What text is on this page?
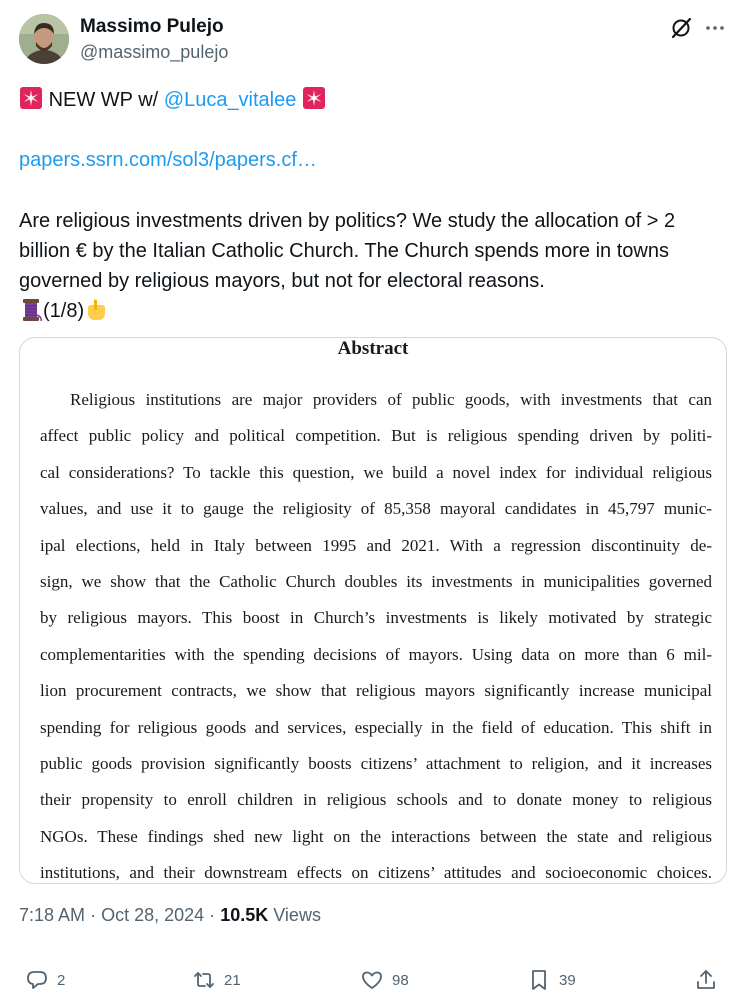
Massimo Pulejo
@massimo_pulejo
NEW WP w/ @Luca_vitalee
papers.ssrn.com/sol3/papers.cf…
Are religious investments driven by politics? We study the allocation of > 2
billion € by the Italian Catholic Church. The Church spends more in towns
governed by religious mayors, but not for electoral reasons.
(1/8)
Abstract
Religious institutions are major providers of public goods, with investments that can
affect public policy and political competition. But is religious spending driven by politi-
cal considerations? To tackle this question, we build a novel index for individual religious
values, and use it to gauge the religiosity of 85,358 mayoral candidates in 45,797 munic-
ipal elections, held in Italy between 1995 and 2021. With a regression discontinuity de-
sign, we show that the Catholic Church doubles its investments in municipalities governed
by religious mayors. This boost in Church’s investments is likely motivated by strategic
complementarities with the spending decisions of mayors. Using data on more than 6 mil-
lion procurement contracts, we show that religious mayors significantly increase municipal
spending for religious goods and services, especially in the field of education. This shift in
public goods provision significantly boosts citizens’ attachment to religion, and it increases
their propensity to enroll children in religious schools and to donate money to religious
NGOs. These findings shed new light on the interactions between the state and religious
institutions, and their downstream effects on citizens’ attitudes and socioeconomic choices.
7:18 AM · Oct 28, 2024 · 10.5K Views
2	21	98	39
